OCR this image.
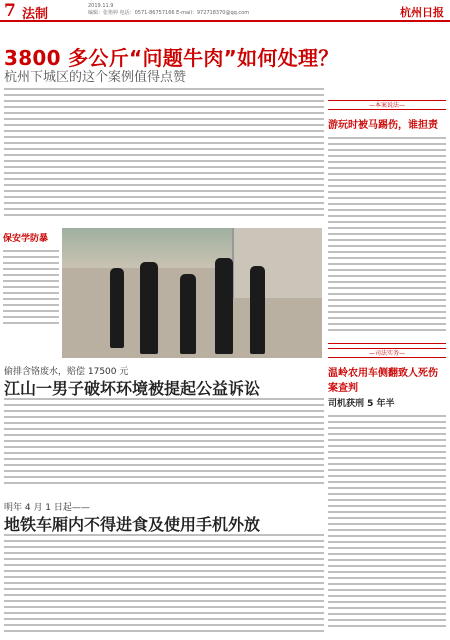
7 法制
2019.11.9
编辑：张艳婷 电话：0571-86757166 E-mail：97271837​0@qq.com	杭州日报
3800 多公斤“问题牛肉”如何处理？
杭州下城区的这个案例值得点赞
保安学防暴
偷排含铬废水，赔偿 17500 元
江山一男子破坏环境被提起公益诉讼
明年 4 月 1 日起——
地铁车厢内不得进食及使用手机外放
—本案说法—
游玩时被马踢伤，谁担责
—司法实务—
温岭农用车侧翻致人死伤案查判
司机获刑 5 年半
